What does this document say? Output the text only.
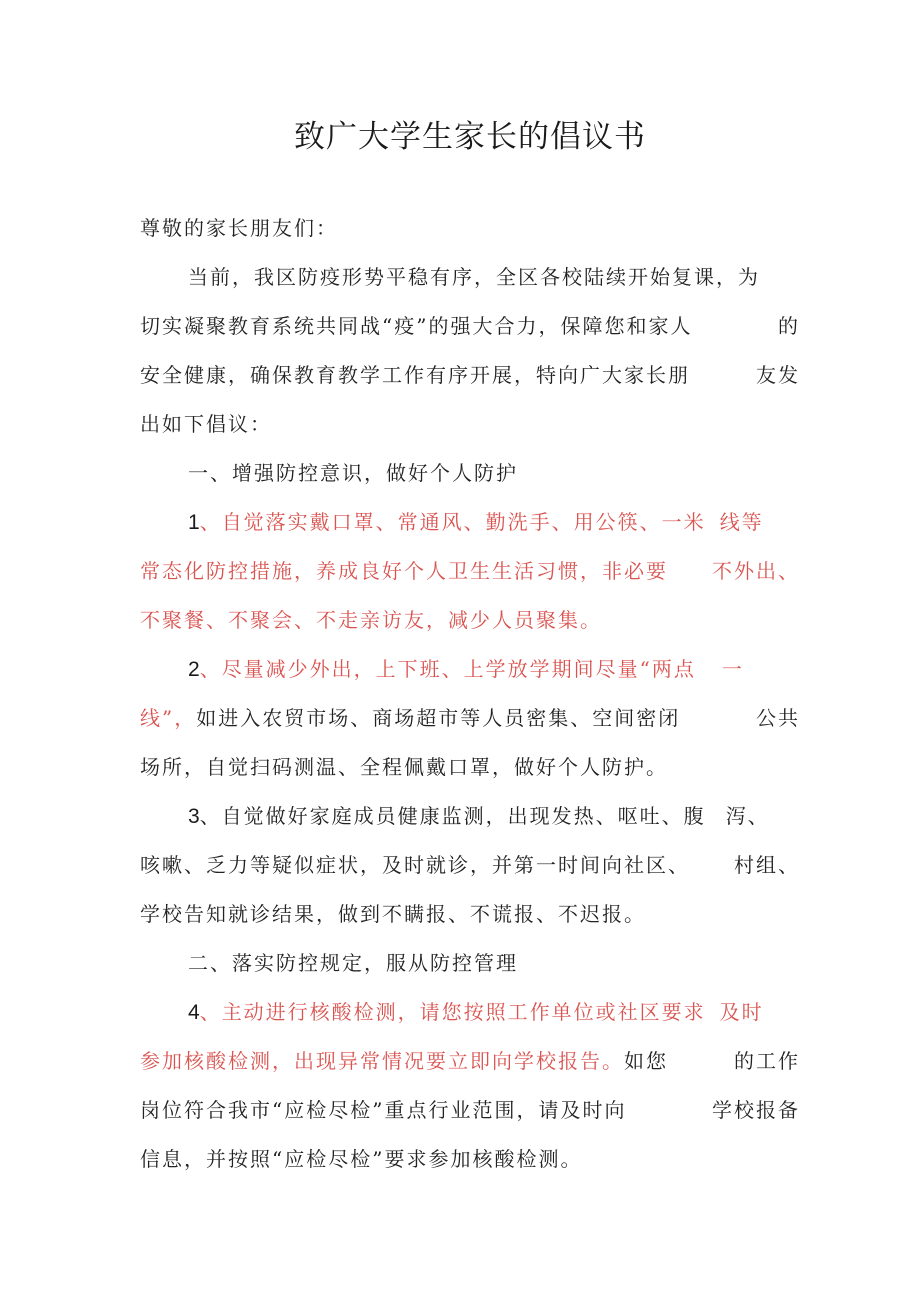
致广大学生家长的倡议书
尊敬的家长朋友们：
当前，我区防疫形势平稳有序，全区各校陆续开始复课，为
切实凝聚教育系统共同战“疫”的强大合力，保障您和家人	的
安全健康，确保教育教学工作有序开展，特向广大家长朋	友发
出如下倡议：
一、增强防控意识，做好个人防护
1、自觉落实戴口罩、常通风、勤洗手、用公筷、一米 线等
常态化防控措施，养成良好个人卫生生活习惯，非必要 不外出、
不聚餐、不聚会、不走亲访友，减少人员聚集。
2、尽量减少外出，上下班、上学放学期间尽量“两点 一
线”，如进入农贸市场、商场超市等人员密集、空间密闭	公共
场所，自觉扫码测温、全程佩戴口罩，做好个人防护。
3、自觉做好家庭成员健康监测，出现发热、呕吐、腹 泻、
咳嗽、乏力等疑似症状，及时就诊，并第一时间向社区、 村组、
学校告知就诊结果，做到不瞒报、不谎报、不迟报。
二、落实防控规定，服从防控管理
4、主动进行核酸检测，请您按照工作单位或社区要求 及时
参加核酸检测，出现异常情况要立即向学校报告。如您	的工作
岗位符合我市“应检尽检”重点行业范围，请及时向	学校报备
信息，并按照“应检尽检”要求参加核酸检测。
